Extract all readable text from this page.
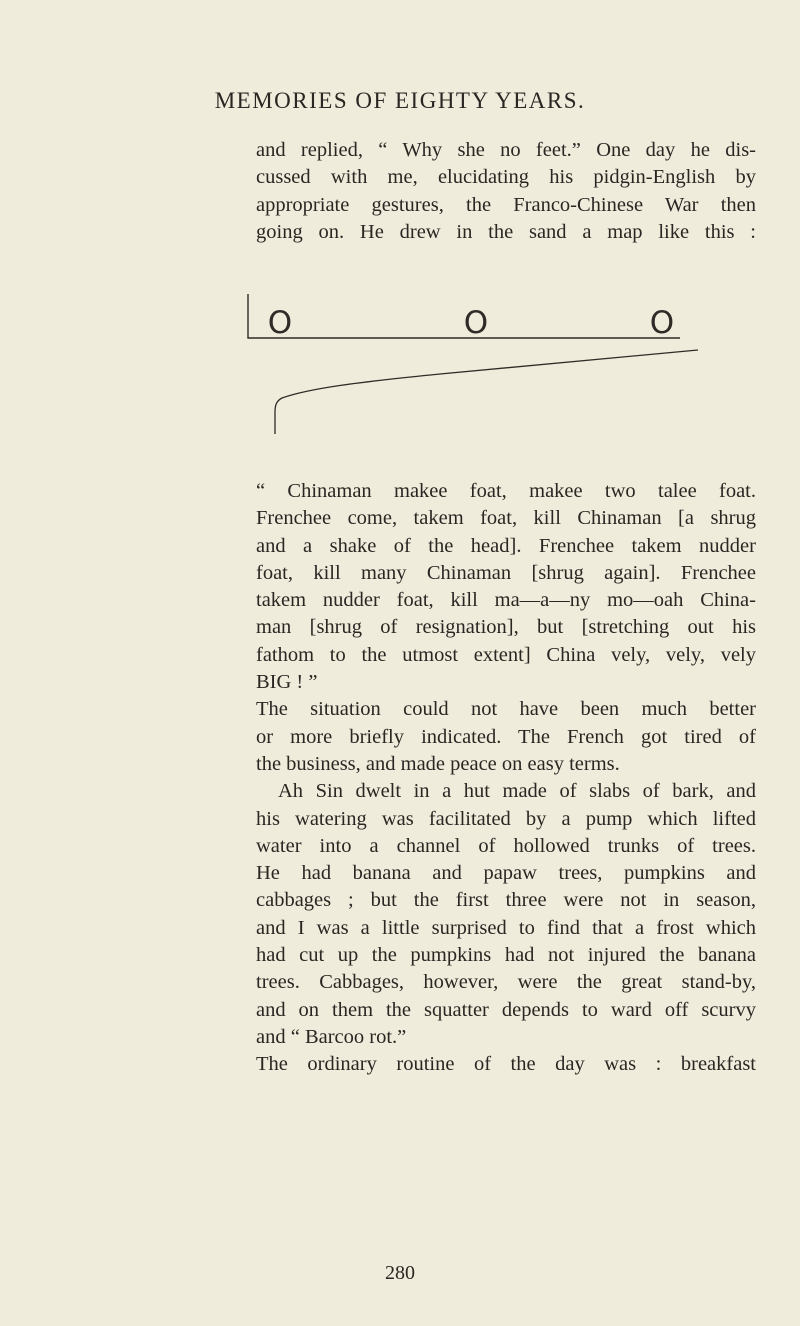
MEMORIES OF EIGHTY YEARS.
and replied, “ Why she no feet.” One day he dis-
cussed with me, elucidating his pidgin-English by
appropriate gestures, the Franco-Chinese War then
going on. He drew in the sand a map like this :
O	O	O

“ Chinaman makee foat, makee two talee foat.
Frenchee come, takem foat, kill Chinaman [a shrug
and a shake of the head]. Frenchee takem nudder
foat, kill many Chinaman [shrug again]. Frenchee
takem nudder foat, kill ma—a—ny mo—oah China-
man [shrug of resignation], but [stretching out his
fathom to the utmost extent] China vely, vely, vely
BIG ! ”

The situation could not have been much better
or more briefly indicated. The French got tired of
the business, and made peace on easy terms.

Ah Sin dwelt in a hut made of slabs of bark, and
his watering was facilitated by a pump which lifted
water into a channel of hollowed trunks of trees.
He had banana and papaw trees, pumpkins and
cabbages ; but the first three were not in season,
and I was a little surprised to find that a frost which
had cut up the pumpkins had not injured the banana
trees. Cabbages, however, were the great stand-by,
and on them the squatter depends to ward off scurvy
and “ Barcoo rot.”

The ordinary routine of the day was : breakfast

280
